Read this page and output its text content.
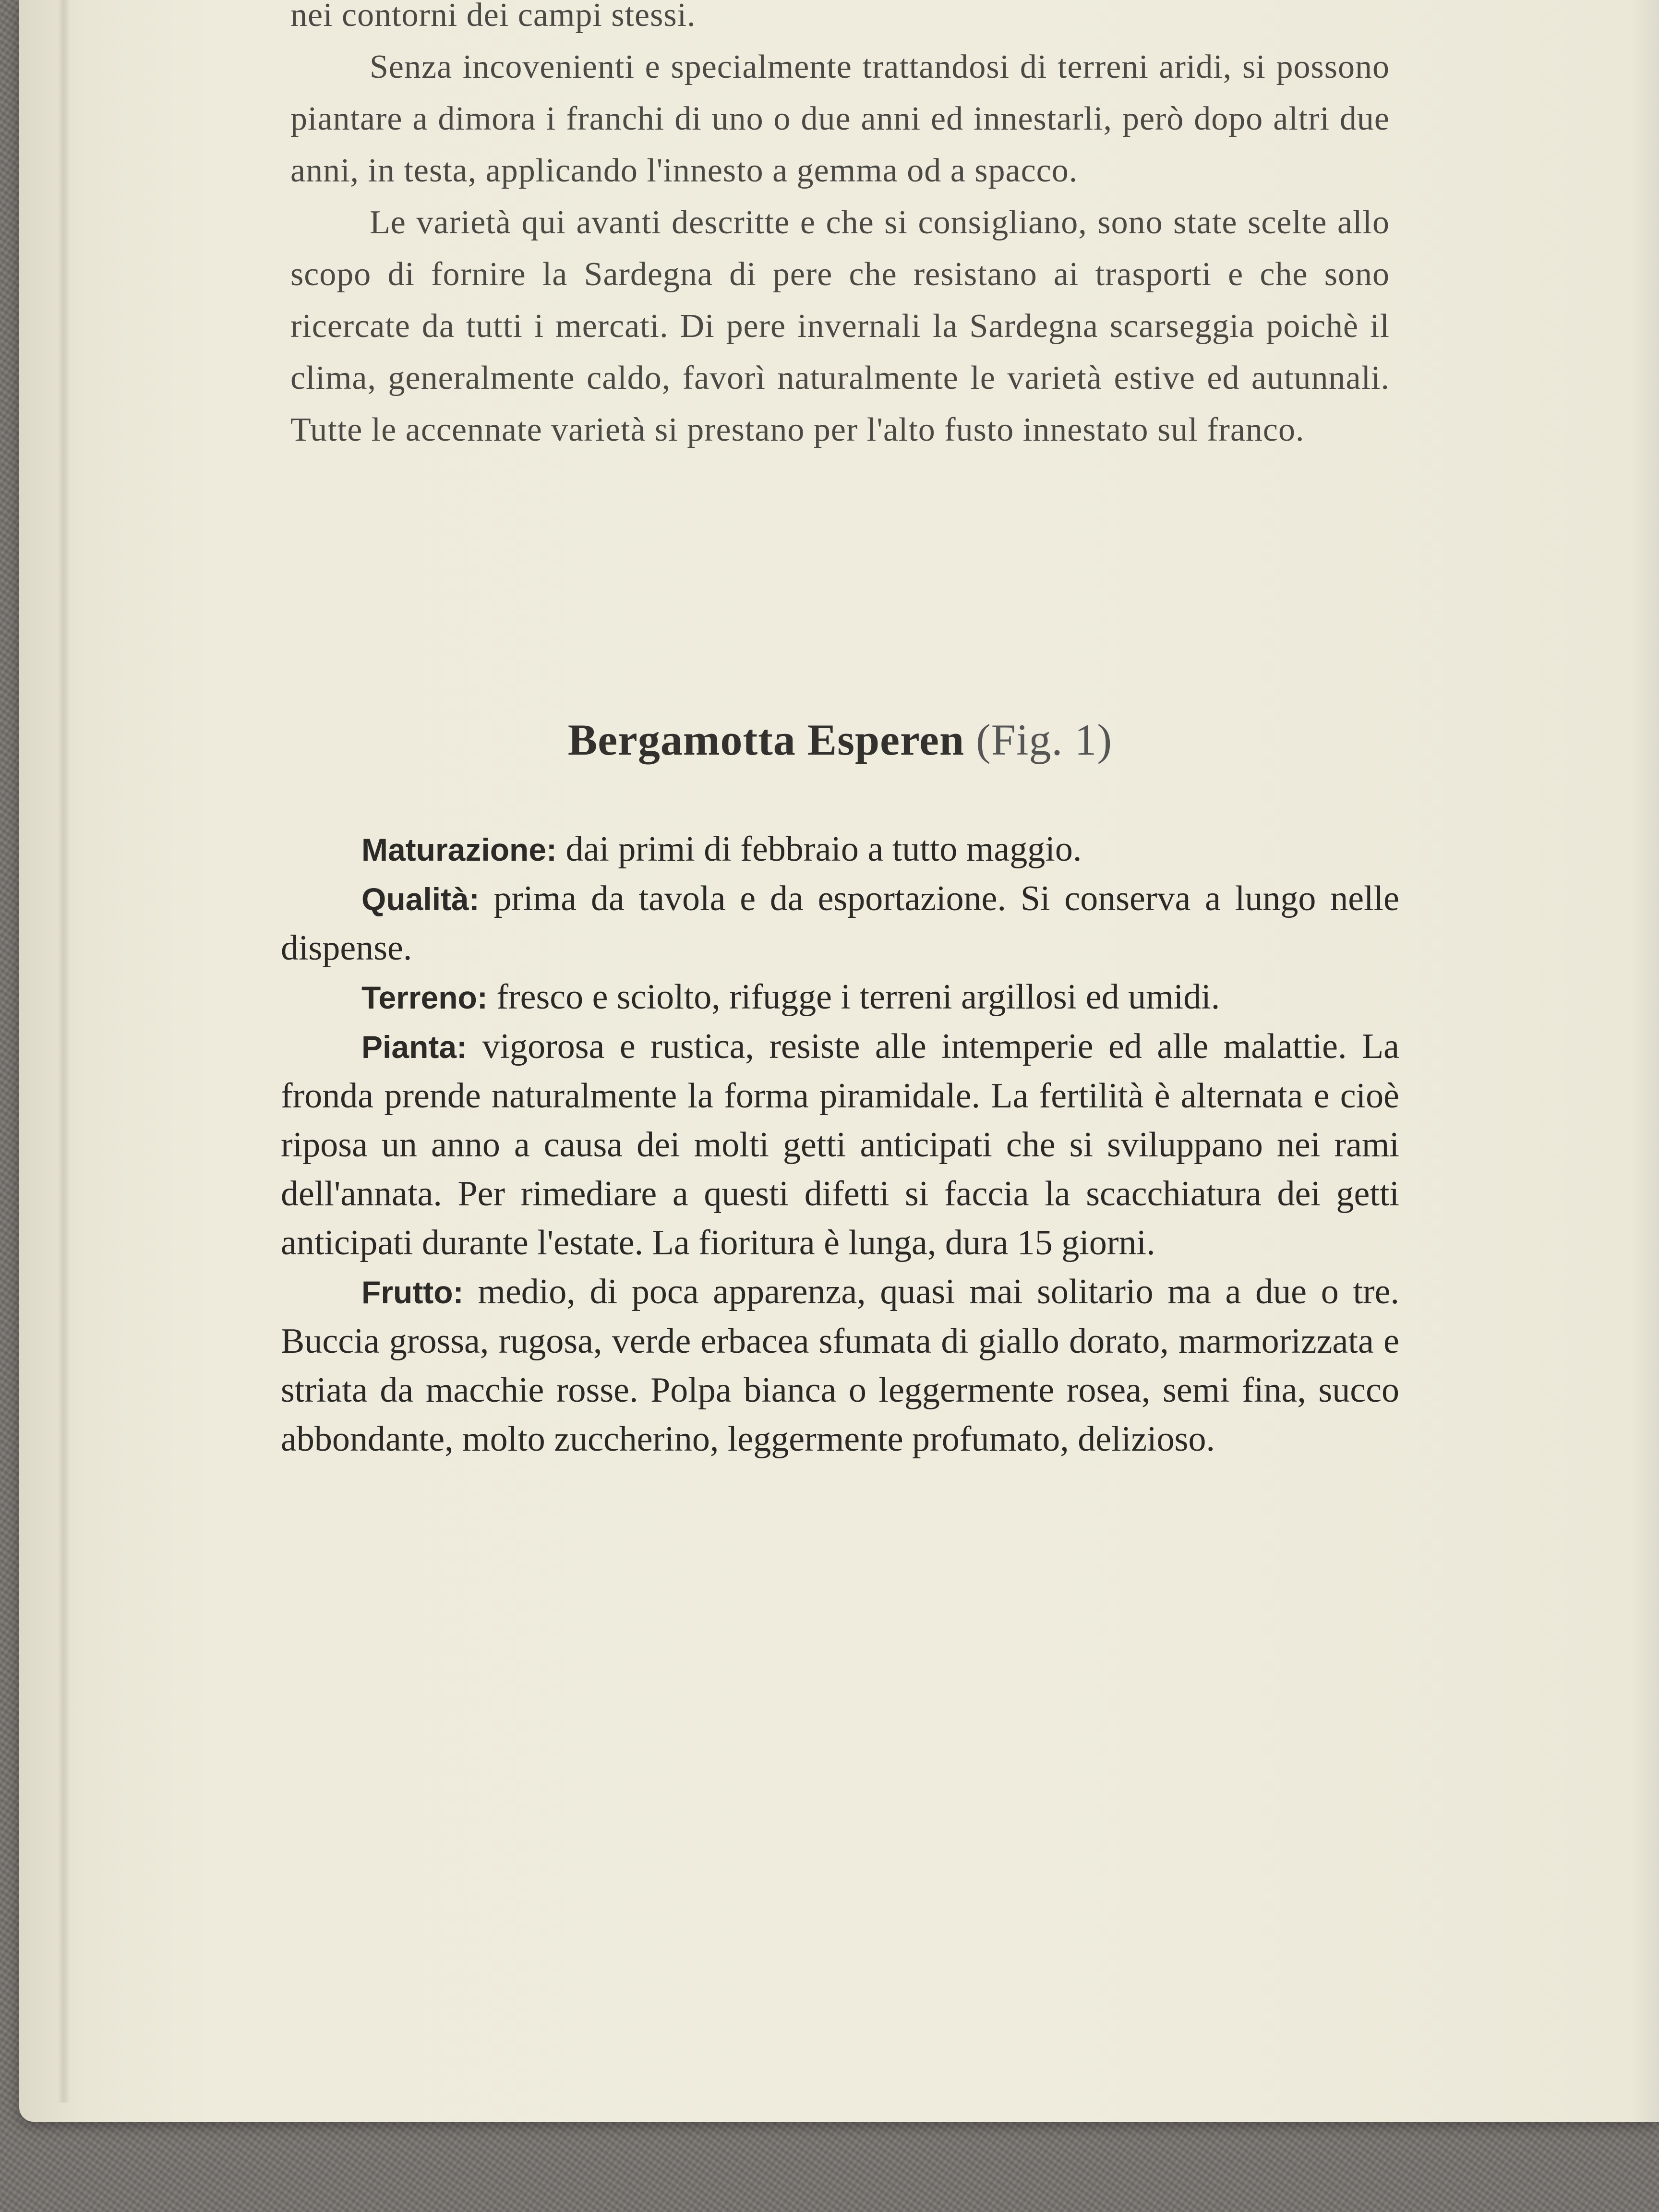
nei contorni dei campi stessi.

Senza incovenienti e specialmente trattandosi di terreni aridi, si possono piantare a dimora i franchi di uno o due anni ed innestarli, però dopo altri due anni, in testa, applicando l'innesto a gemma od a spacco.

Le varietà qui avanti descritte e che si consigliano, sono state scelte allo scopo di fornire la Sardegna di pere che resistano ai trasporti e che sono ricercate da tutti i mercati. Di pere invernali la Sardegna scarseggia poichè il clima, generalmente caldo, favorì naturalmente le varietà estive ed autunnali. Tutte le accennate varietà si prestano per l'alto fusto innestato sul franco.

Bergamotta Esperen (Fig. 1)

Maturazione: dai primi di febbraio a tutto maggio.

Qualità: prima da tavola e da esportazione. Si conserva a lungo nelle dispense.

Terreno: fresco e sciolto, rifugge i terreni argillosi ed umidi.

Pianta: vigorosa e rustica, resiste alle intemperie ed alle malattie. La fronda prende naturalmente la forma piramidale. La fertilità è alternata e cioè riposa un anno a causa dei molti getti anticipati che si sviluppano nei rami dell'annata. Per rimediare a questi difetti si faccia la scacchiatura dei getti anticipati durante l'estate. La fioritura è lunga, dura 15 giorni.

Frutto: medio, di poca apparenza, quasi mai solitario ma a due o tre. Buccia grossa, rugosa, verde erbacea sfumata di giallo dorato, marmorizzata e striata da macchie rosse. Polpa bianca o leggermente rosea, semi fina, succo abbondante, molto zuccherino, leggermente profumato, delizioso.
